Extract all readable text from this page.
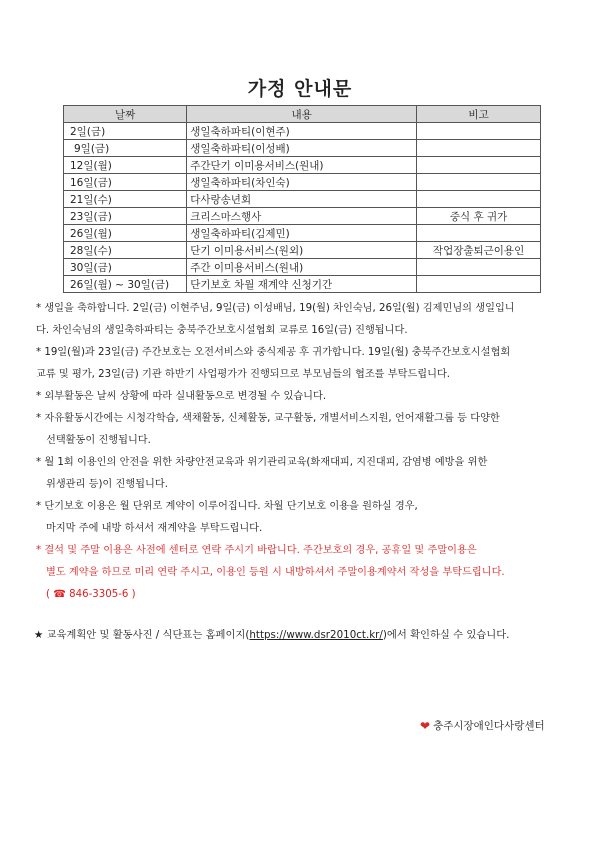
가정 안내문
날짜	내용	비고
2일(금)	생일축하파티(이현주)	
9일(금)	생일축하파티(이성배)	
12일(월)	주간단기 이미용서비스(원내)	
16일(금)	생일축하파티(차인숙)	
21일(수)	다사랑송년회	
23일(금)	크리스마스행사	중식 후 귀가
26일(월)	생일축하파티(김제민)	
28일(수)	단기 이미용서비스(원외)	작업장출퇴근이용인
30일(금)	주간 이미용서비스(원내)	
26일(월) ~ 30일(금)	단기보호 차월 재계약 신청기간	

* 생일을 축하합니다. 2일(금) 이현주님, 9일(금) 이성배님, 19(월) 차인숙님, 26일(월) 김제민님의 생일입니

다. 차인숙님의 생일축하파티는 충북주간보호시설협회 교류로 16일(금) 진행됩니다.

* 19일(월)과 23일(금) 주간보호는 오전서비스와 중식제공 후 귀가합니다. 19일(월) 충북주간보호시설협회

교류 및 평가, 23일(금) 기관 하반기 사업평가가 진행되므로 부모님들의 협조를 부탁드립니다.

* 외부활동은 날씨 상황에 따라 실내활동으로 변경될 수 있습니다.

* 자유활동시간에는 시청각학습, 색채활동, 신체활동, 교구활동, 개별서비스지원, 언어재활그룹 등 다양한

선택활동이 진행됩니다.

* 월 1회 이용인의 안전을 위한 차량안전교육과 위기관리교육(화재대피, 지진대피, 감염병 예방을 위한

위생관리 등)이 진행됩니다.

* 단기보호 이용은 월 단위로 계약이 이루어집니다. 차월 단기보호 이용을 원하실 경우,

마지막 주에 내방 하셔서 재계약을 부탁드립니다.

* 결석 및 주말 이용은 사전에 센터로 연락 주시기 바랍니다. 주간보호의 경우, 공휴일 및 주말이용은

별도 계약을 하므로 미리 연락 주시고, 이용인 등원 시 내방하셔서 주말이용계약서 작성을 부탁드립니다.

( ☎ 846-3305-6 )

★ 교육계획안 및 활동사진 / 식단표는 홈페이지(https://www.dsr2010ct.kr/)에서 확인하실 수 있습니다.
❤ 충주시장애인다사랑센터
